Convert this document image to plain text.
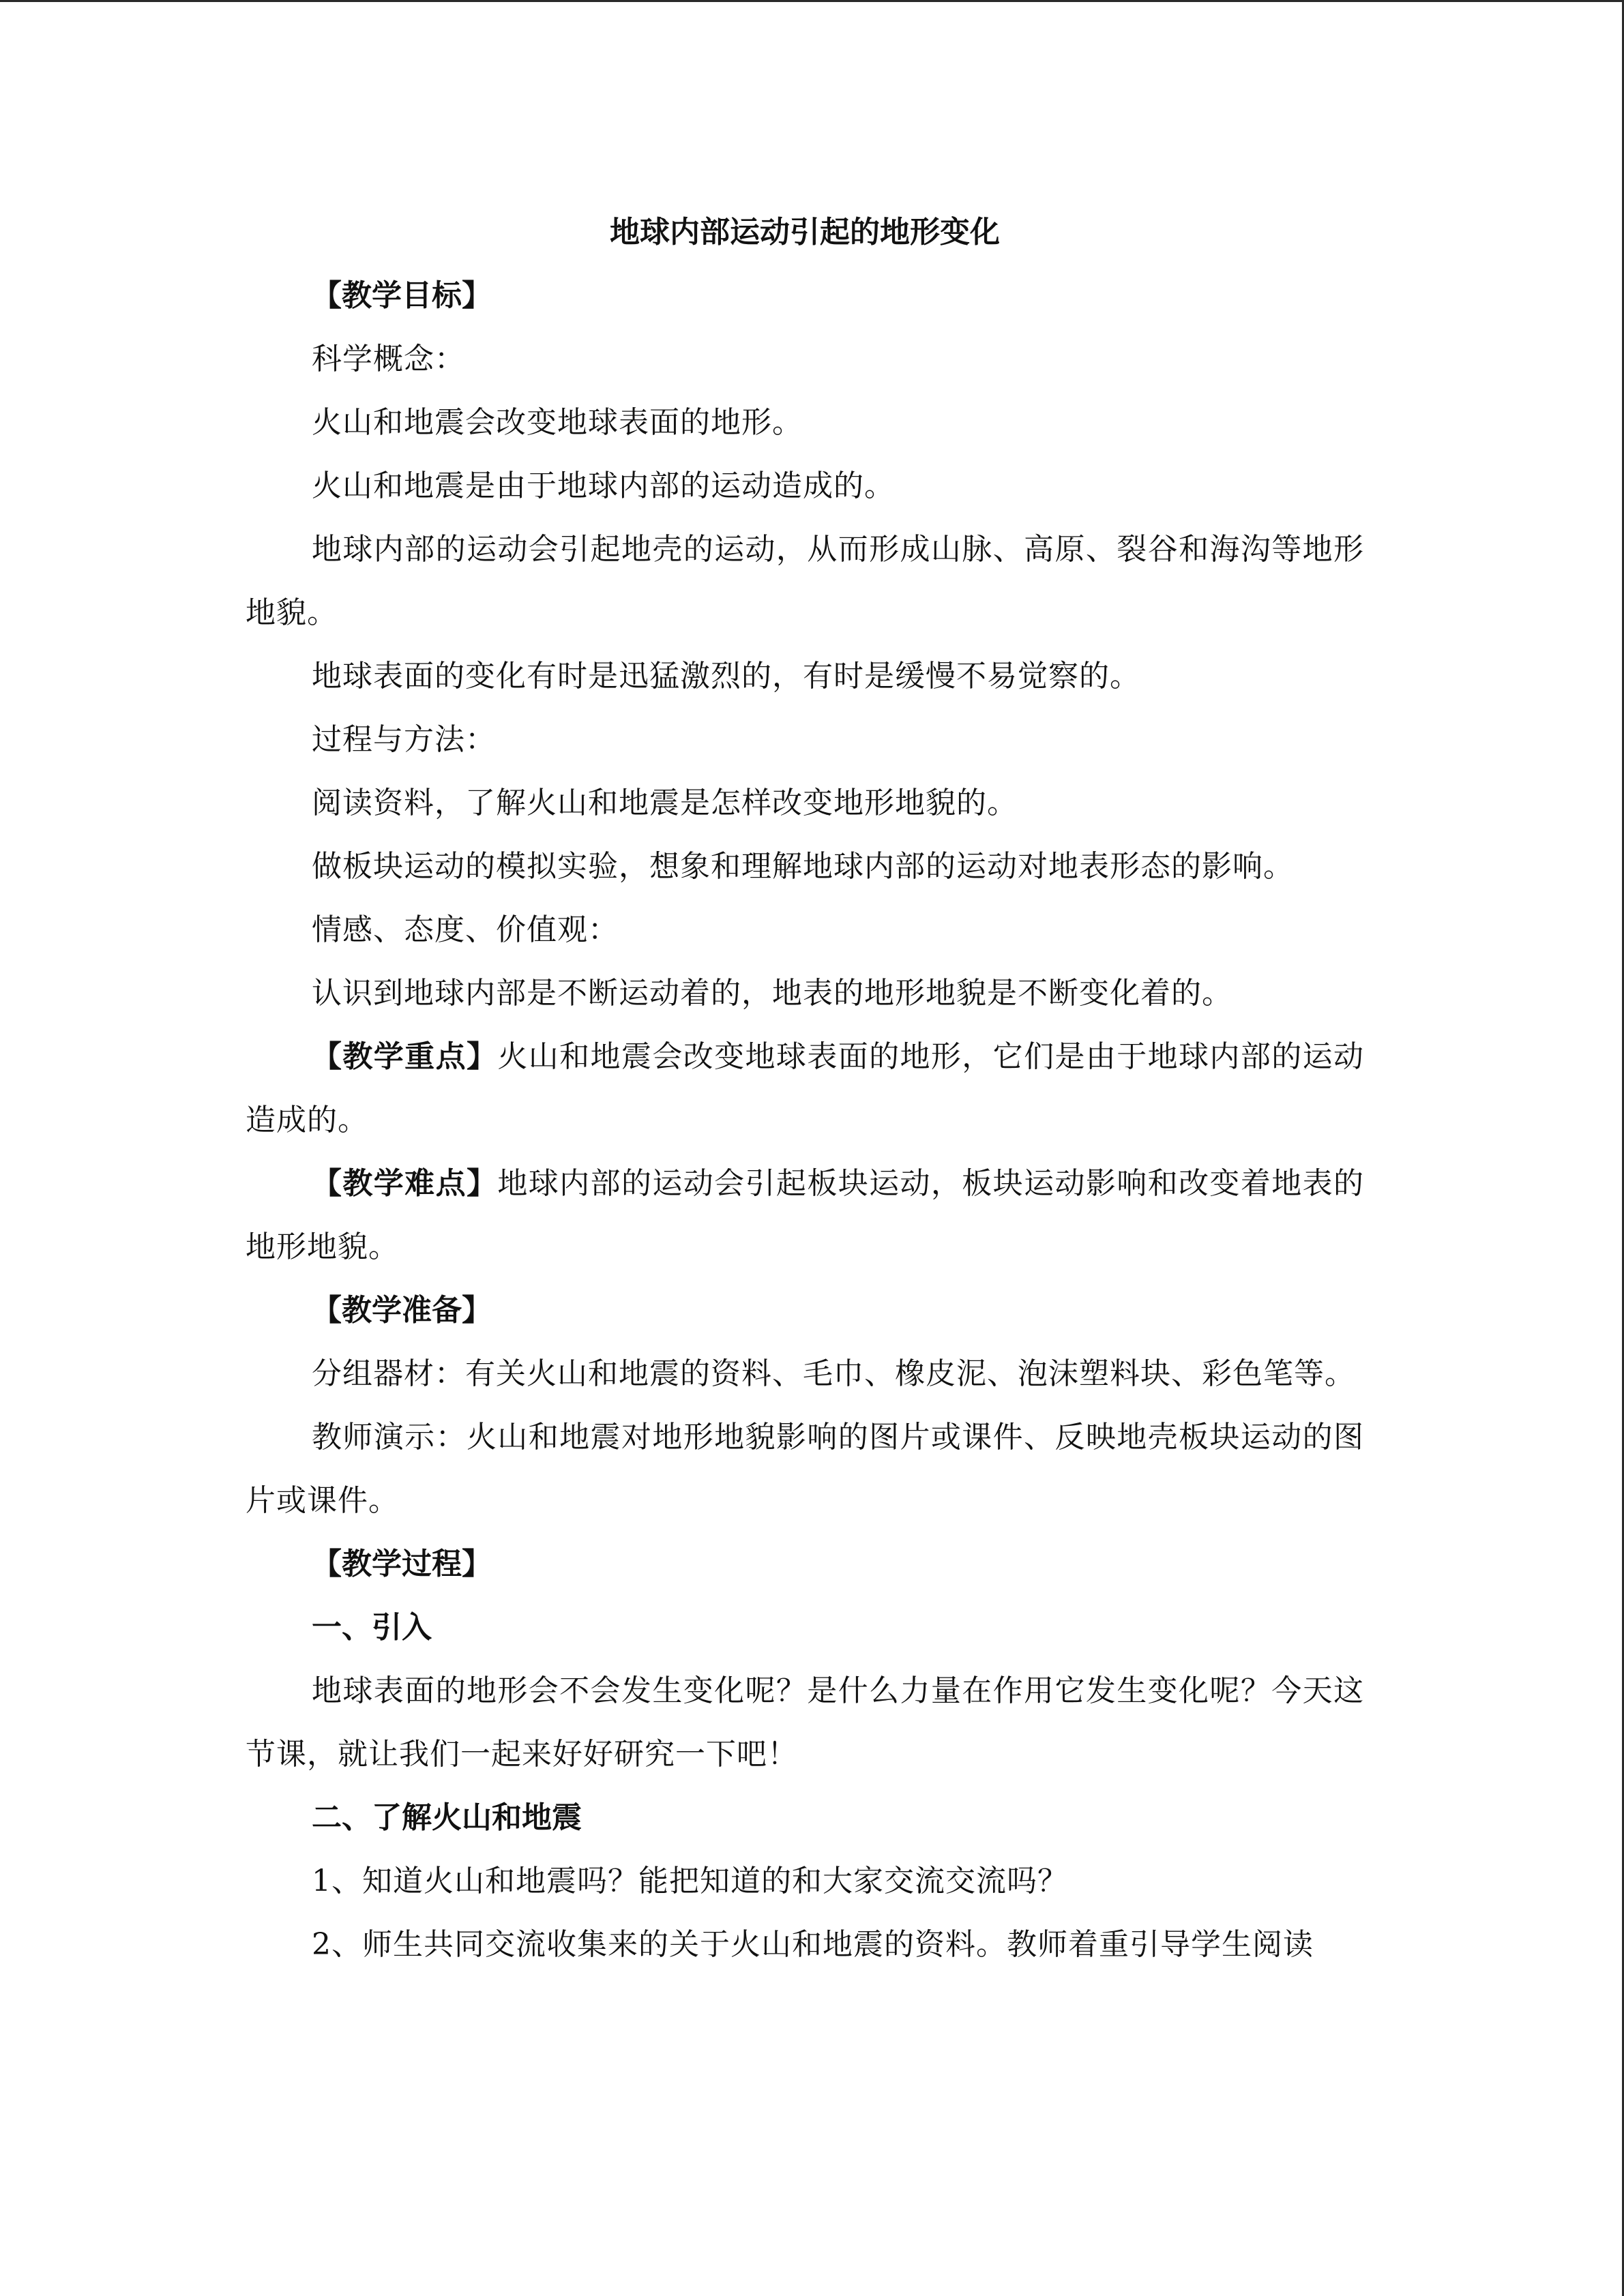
地球内部运动引起的地形变化

【教学目标】

科学概念：

火山和地震会改变地球表面的地形。

火山和地震是由于地球内部的运动造成的。

地球内部的运动会引起地壳的运动，从而形成山脉、高原、裂谷和海沟等地形地貌。

地球表面的变化有时是迅猛激烈的，有时是缓慢不易觉察的。

过程与方法：

阅读资料，了解火山和地震是怎样改变地形地貌的。

做板块运动的模拟实验，想象和理解地球内部的运动对地表形态的影响。

情感、态度、价值观：

认识到地球内部是不断运动着的，地表的地形地貌是不断变化着的。

【教学重点】火山和地震会改变地球表面的地形，它们是由于地球内部的运动造成的。

【教学难点】地球内部的运动会引起板块运动，板块运动影响和改变着地表的地形地貌。

【教学准备】

分组器材：有关火山和地震的资料、毛巾、橡皮泥、泡沫塑料块、彩色笔等。

教师演示：火山和地震对地形地貌影响的图片或课件、反映地壳板块运动的图片或课件。

【教学过程】

一、引入

地球表面的地形会不会发生变化呢？是什么力量在作用它发生变化呢？今天这节课，就让我们一起来好好研究一下吧！

二、了解火山和地震

1、知道火山和地震吗？能把知道的和大家交流交流吗？

2、师生共同交流收集来的关于火山和地震的资料。教师着重引导学生阅读
